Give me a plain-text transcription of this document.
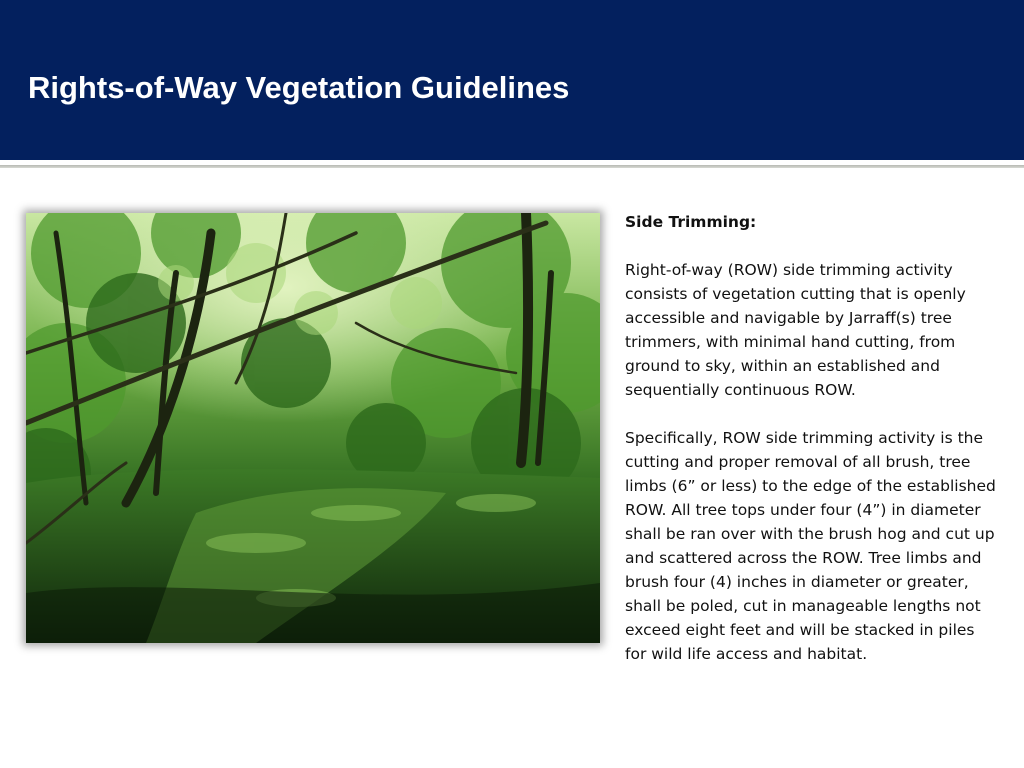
Rights-of-Way Vegetation Guidelines

Side Trimming:

Right-of-way (ROW) side trimming activity consists of vegetation cutting that is openly accessible and navigable by Jarraff(s) tree trimmers, with minimal hand cutting, from ground to sky, within an established and sequentially continuous ROW.

Specifically, ROW side trimming activity is the cutting and proper removal of all brush, tree limbs (6” or less) to the edge of the established ROW. All tree tops under four (4”) in diameter shall be ran over with the brush hog and cut up and scattered across the ROW. Tree limbs and brush four (4) inches in diameter or greater, shall be poled, cut in manageable lengths not exceed eight feet and will be stacked in piles for wild life access and habitat.
